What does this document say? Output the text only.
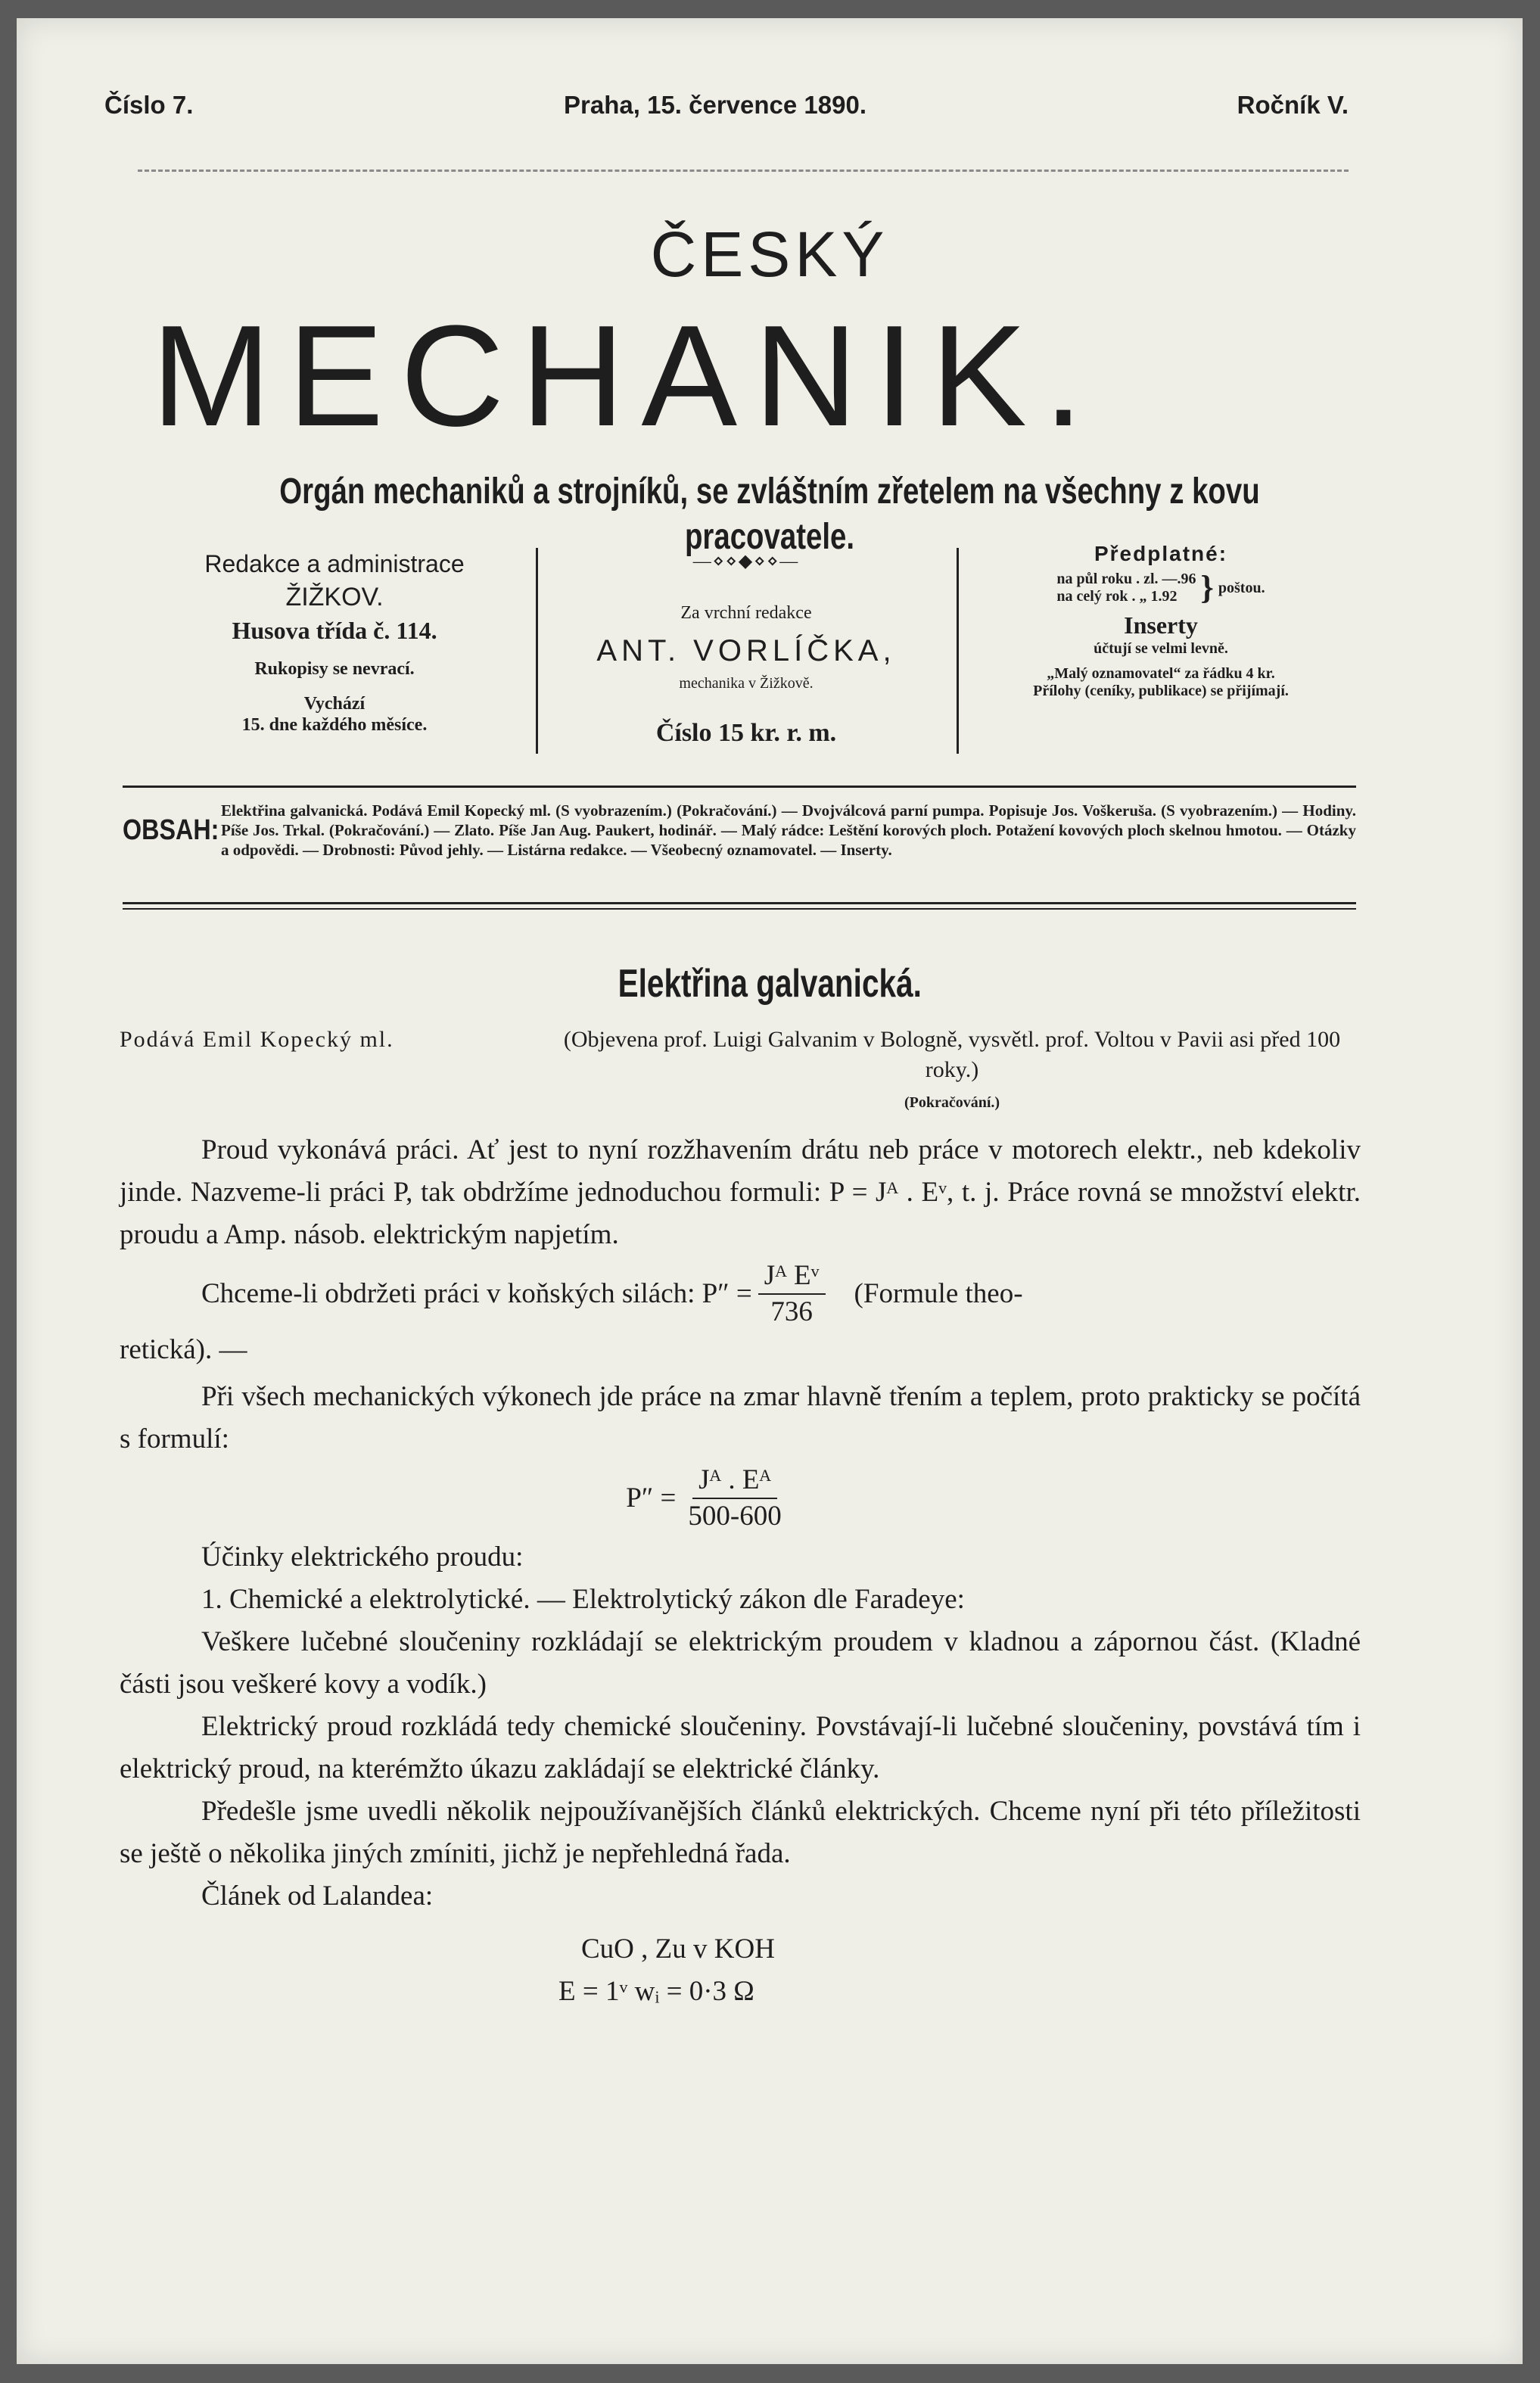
Číslo 7.	Praha, 15. července 1890.	Ročník V.
ČESKÝ
MECHANIK.
Orgán mechaniků a strojníků, se zvláštním zřetelem na všechny z kovu pracovatele.
Redakce a administrace
ŽIŽKOV.
Husova třída č. 114.
Rukopisy se nevrací.
Vychází
15. dne každého měsíce.
—⋄⋄◆⋄⋄—
Za vrchní redakce
ANT. VORLÍČKA,
mechanika v Žižkově.
Číslo 15 kr. r. m.
Předplatné:
na půl roku . zl. —.96
na celý rok . „ 1.92 } poštou.
Inserty
účtují se velmi levně.
„Malý oznamovatel“ za řádku 4 kr.
Přílohy (ceníky, publikace) se přijímají.
OBSAH:
Elektřina galvanická. Podává Emil Kopecký ml. (S vyobrazením.) (Pokračování.) — Dvojválcová parní pumpa. Popisuje Jos. Voškeruša. (S vyobrazením.) — Hodiny. Píše Jos. Trkal. (Pokračování.) — Zlato. Píše Jan Aug. Paukert, hodinář. — Malý rádce: Leštění korových ploch. Potažení kovových ploch skelnou hmotou. — Otázky a odpovědi. — Drobnosti: Původ jehly. — Listárna redakce. — Všeobecný oznamovatel. — Inserty.
Elektřina galvanická.
Podává Emil Kopecký ml.	(Objevena prof. Luigi Galvanim v Bologně, vysvětl. prof. Voltou v Pavii asi před 100 roky.)
(Pokračování.)

Proud vykonává práci. Ať jest to nyní rozžhavením drátu neb práce v motorech elektr., neb kdekoliv jinde. Nazveme-li práci P, tak obdržíme jednoduchou formuli: P = Jᴬ . Eᵛ, t. j. Práce rovná se množství elektr. proudu a Amp. násob. elektrickým napjetím.

Chceme-li obdržeti práci v koňských silách: $P'' = \frac{\text{Jᴬ Eᵛ}}{736}$ (Formule theo-

retická). —

Při všech mechanických výkonech jde práce na zmar hlavně třením a teplem, proto prakticky se počítá s formulí:

$P'' = \frac{\text{Jᴬ . Eᴬ}}{500-600}$

Účinky elektrického proudu:

1. Chemické a elektrolytické. — Elektrolytický zákon dle Faradeye:

Veškere lučebné sloučeniny rozkládají se elektrickým proudem v kladnou a zápornou část. (Kladné části jsou veškeré kovy a vodík.)

Elektrický proud rozkládá tedy chemické sloučeniny. Povstávají-li lučebné sloučeniny, povstává tím i elektrický proud, na kterémžto úkazu zakládají se elektrické články.

Předešle jsme uvedli několik nejpoužívanějších článků elektrických. Chceme nyní při této příležitosti se ještě o několika jiných zmíniti, jichž je nepřehledná řada.

Článek od Lalandea:

CuO , Zu v KOH
E = 1ᵛ wᵢ = 0·3 Ω
